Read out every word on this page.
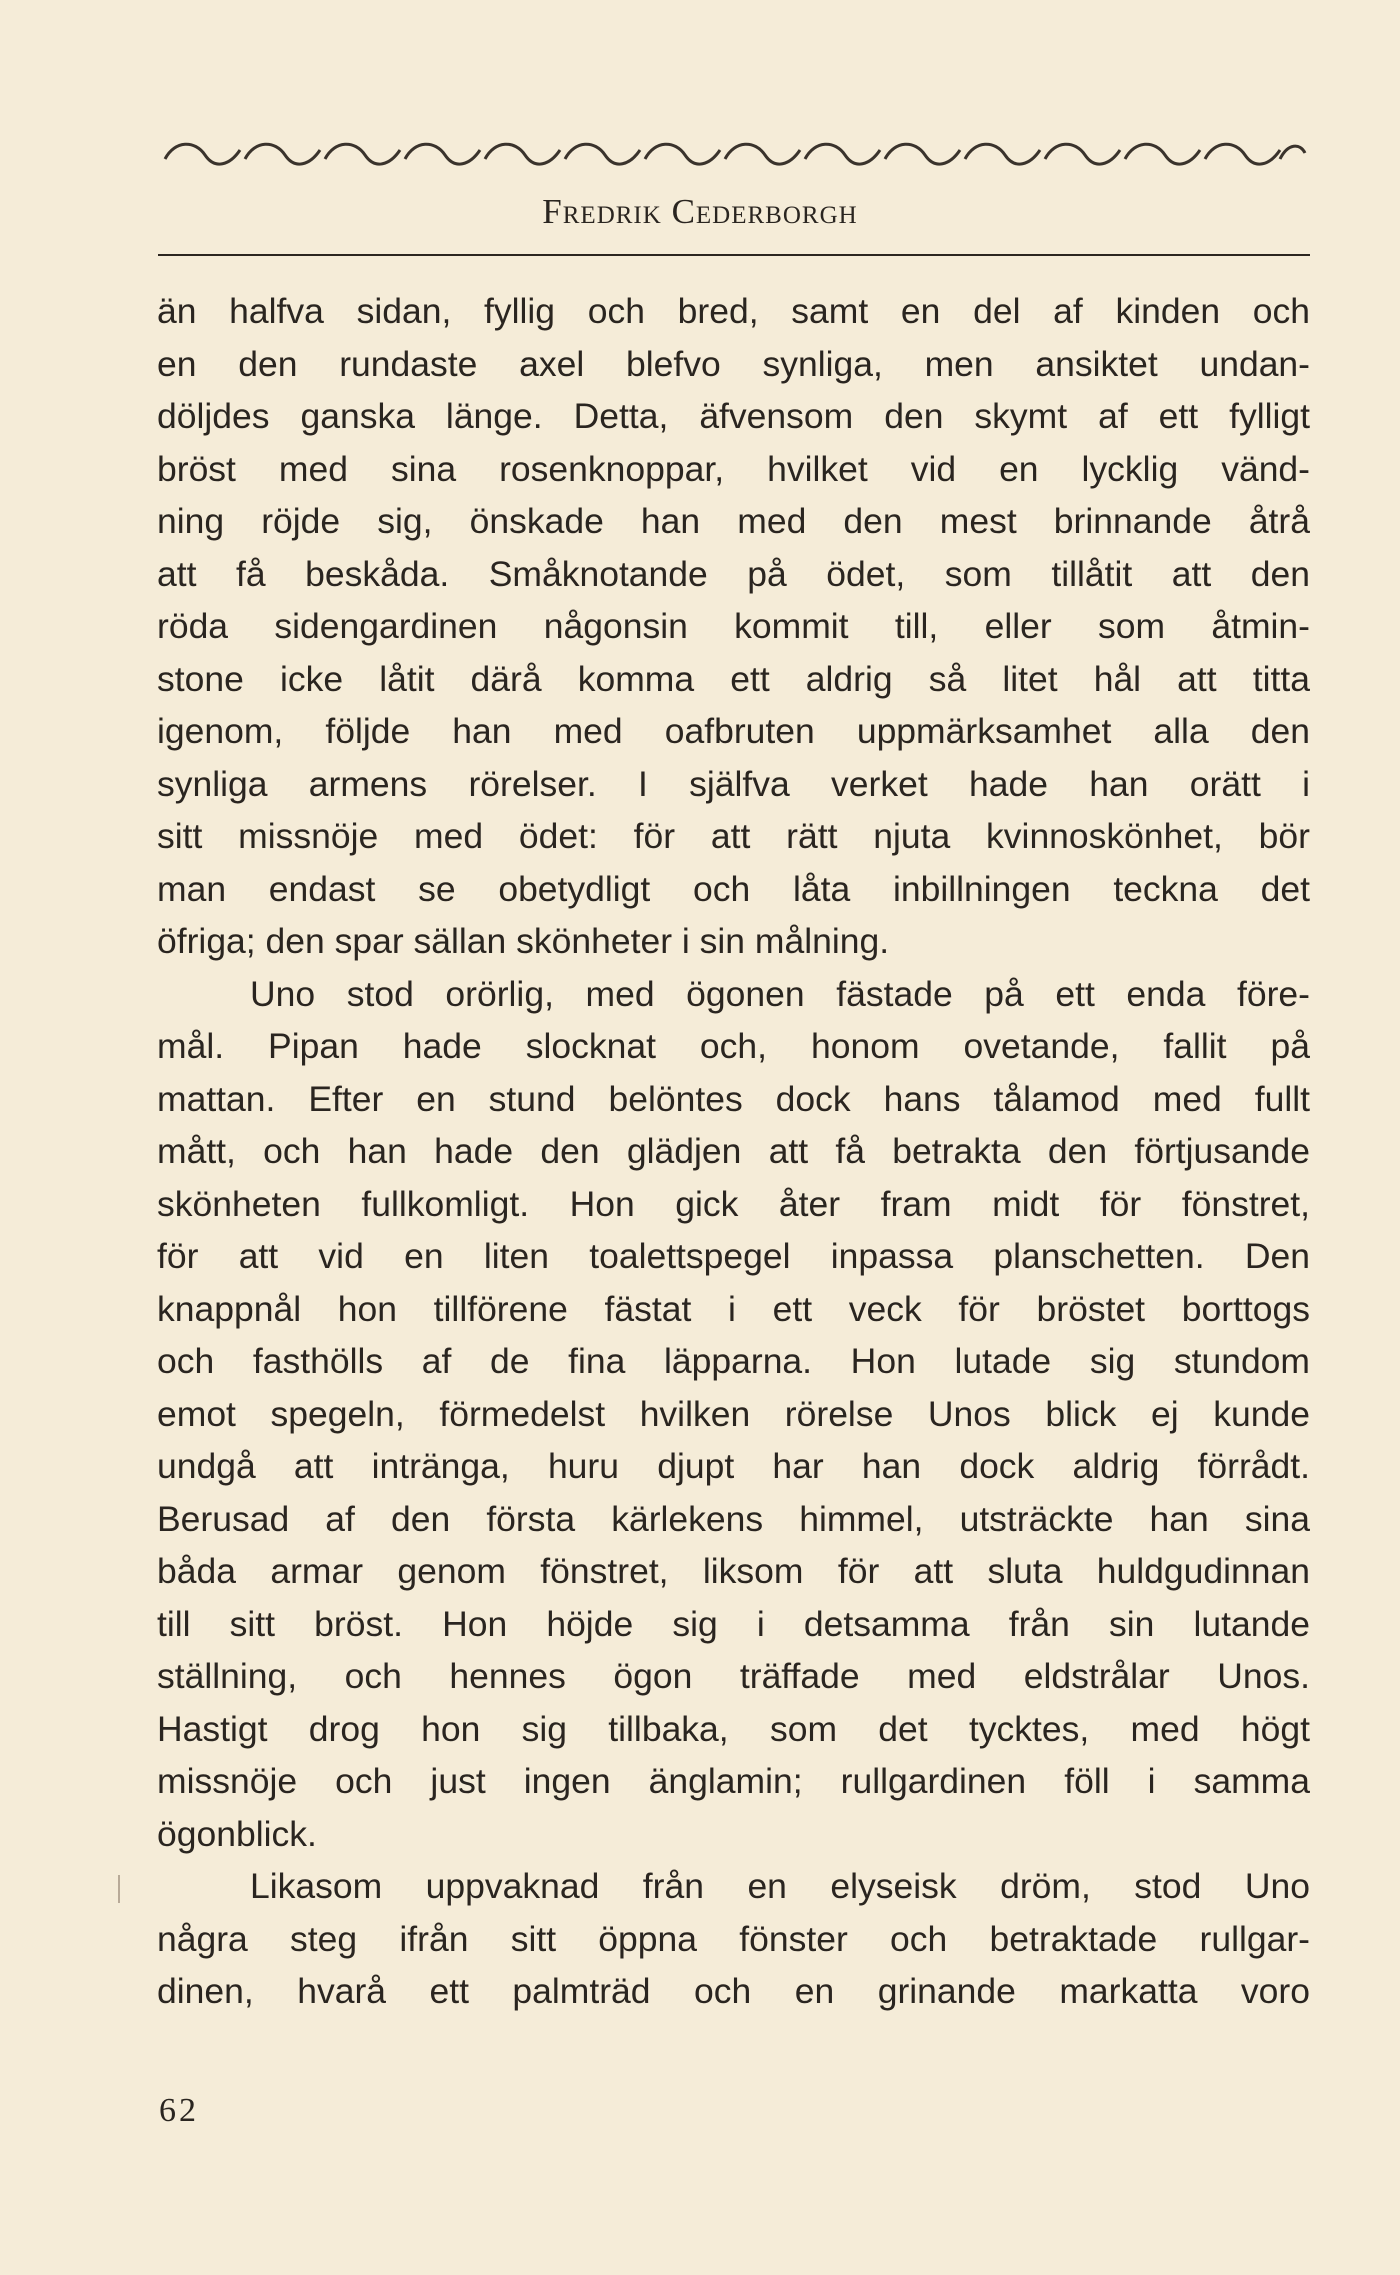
Fredrik Cederborgh
än halfva sidan, fyllig och bred, samt en del af kinden och
en den rundaste axel blefvo synliga, men ansiktet undan-
döljdes ganska länge. Detta, äfvensom den skymt af ett fylligt
bröst med sina rosenknoppar, hvilket vid en lycklig vänd-
ning röjde sig, önskade han med den mest brinnande åtrå
att få beskåda. Småknotande på ödet, som tillåtit att den
röda sidengardinen någonsin kommit till, eller som åtmin-
stone icke låtit därå komma ett aldrig så litet hål att titta
igenom, följde han med oafbruten uppmärksamhet alla den
synliga armens rörelser. I själfva verket hade han orätt i
sitt missnöje med ödet: för att rätt njuta kvinnoskönhet, bör
man endast se obetydligt och låta inbillningen teckna det
öfriga; den spar sällan skönheter i sin målning.
Uno stod orörlig, med ögonen fästade på ett enda före-
mål. Pipan hade slocknat och, honom ovetande, fallit på
mattan. Efter en stund belöntes dock hans tålamod med fullt
mått, och han hade den glädjen att få betrakta den förtjusande
skönheten fullkomligt. Hon gick åter fram midt för fönstret,
för att vid en liten toalettspegel inpassa planschetten. Den
knappnål hon tillförene fästat i ett veck för bröstet borttogs
och fasthölls af de fina läpparna. Hon lutade sig stundom
emot spegeln, förmedelst hvilken rörelse Unos blick ej kunde
undgå att inträngа, huru djupt har han dock aldrig förrådt.
Berusad af den första kärlekens himmel, utsträckte han sina
båda armar genom fönstret, liksom för att sluta huldgudinnan
till sitt bröst. Hon höjde sig i detsamma från sin lutande
ställning, och hennes ögon träffade med eldstrålar Unos.
Hastigt drog hon sig tillbaka, som det tycktes, med högt
missnöje och just ingen änglamin; rullgardinen föll i samma
ögonblick.
Likasom uppvaknad från en elyseisk dröm, stod Uno
några steg ifrån sitt öppna fönster och betraktade rullgar-
dinen, hvarå ett palmträd och en grinande markatta voro
62
